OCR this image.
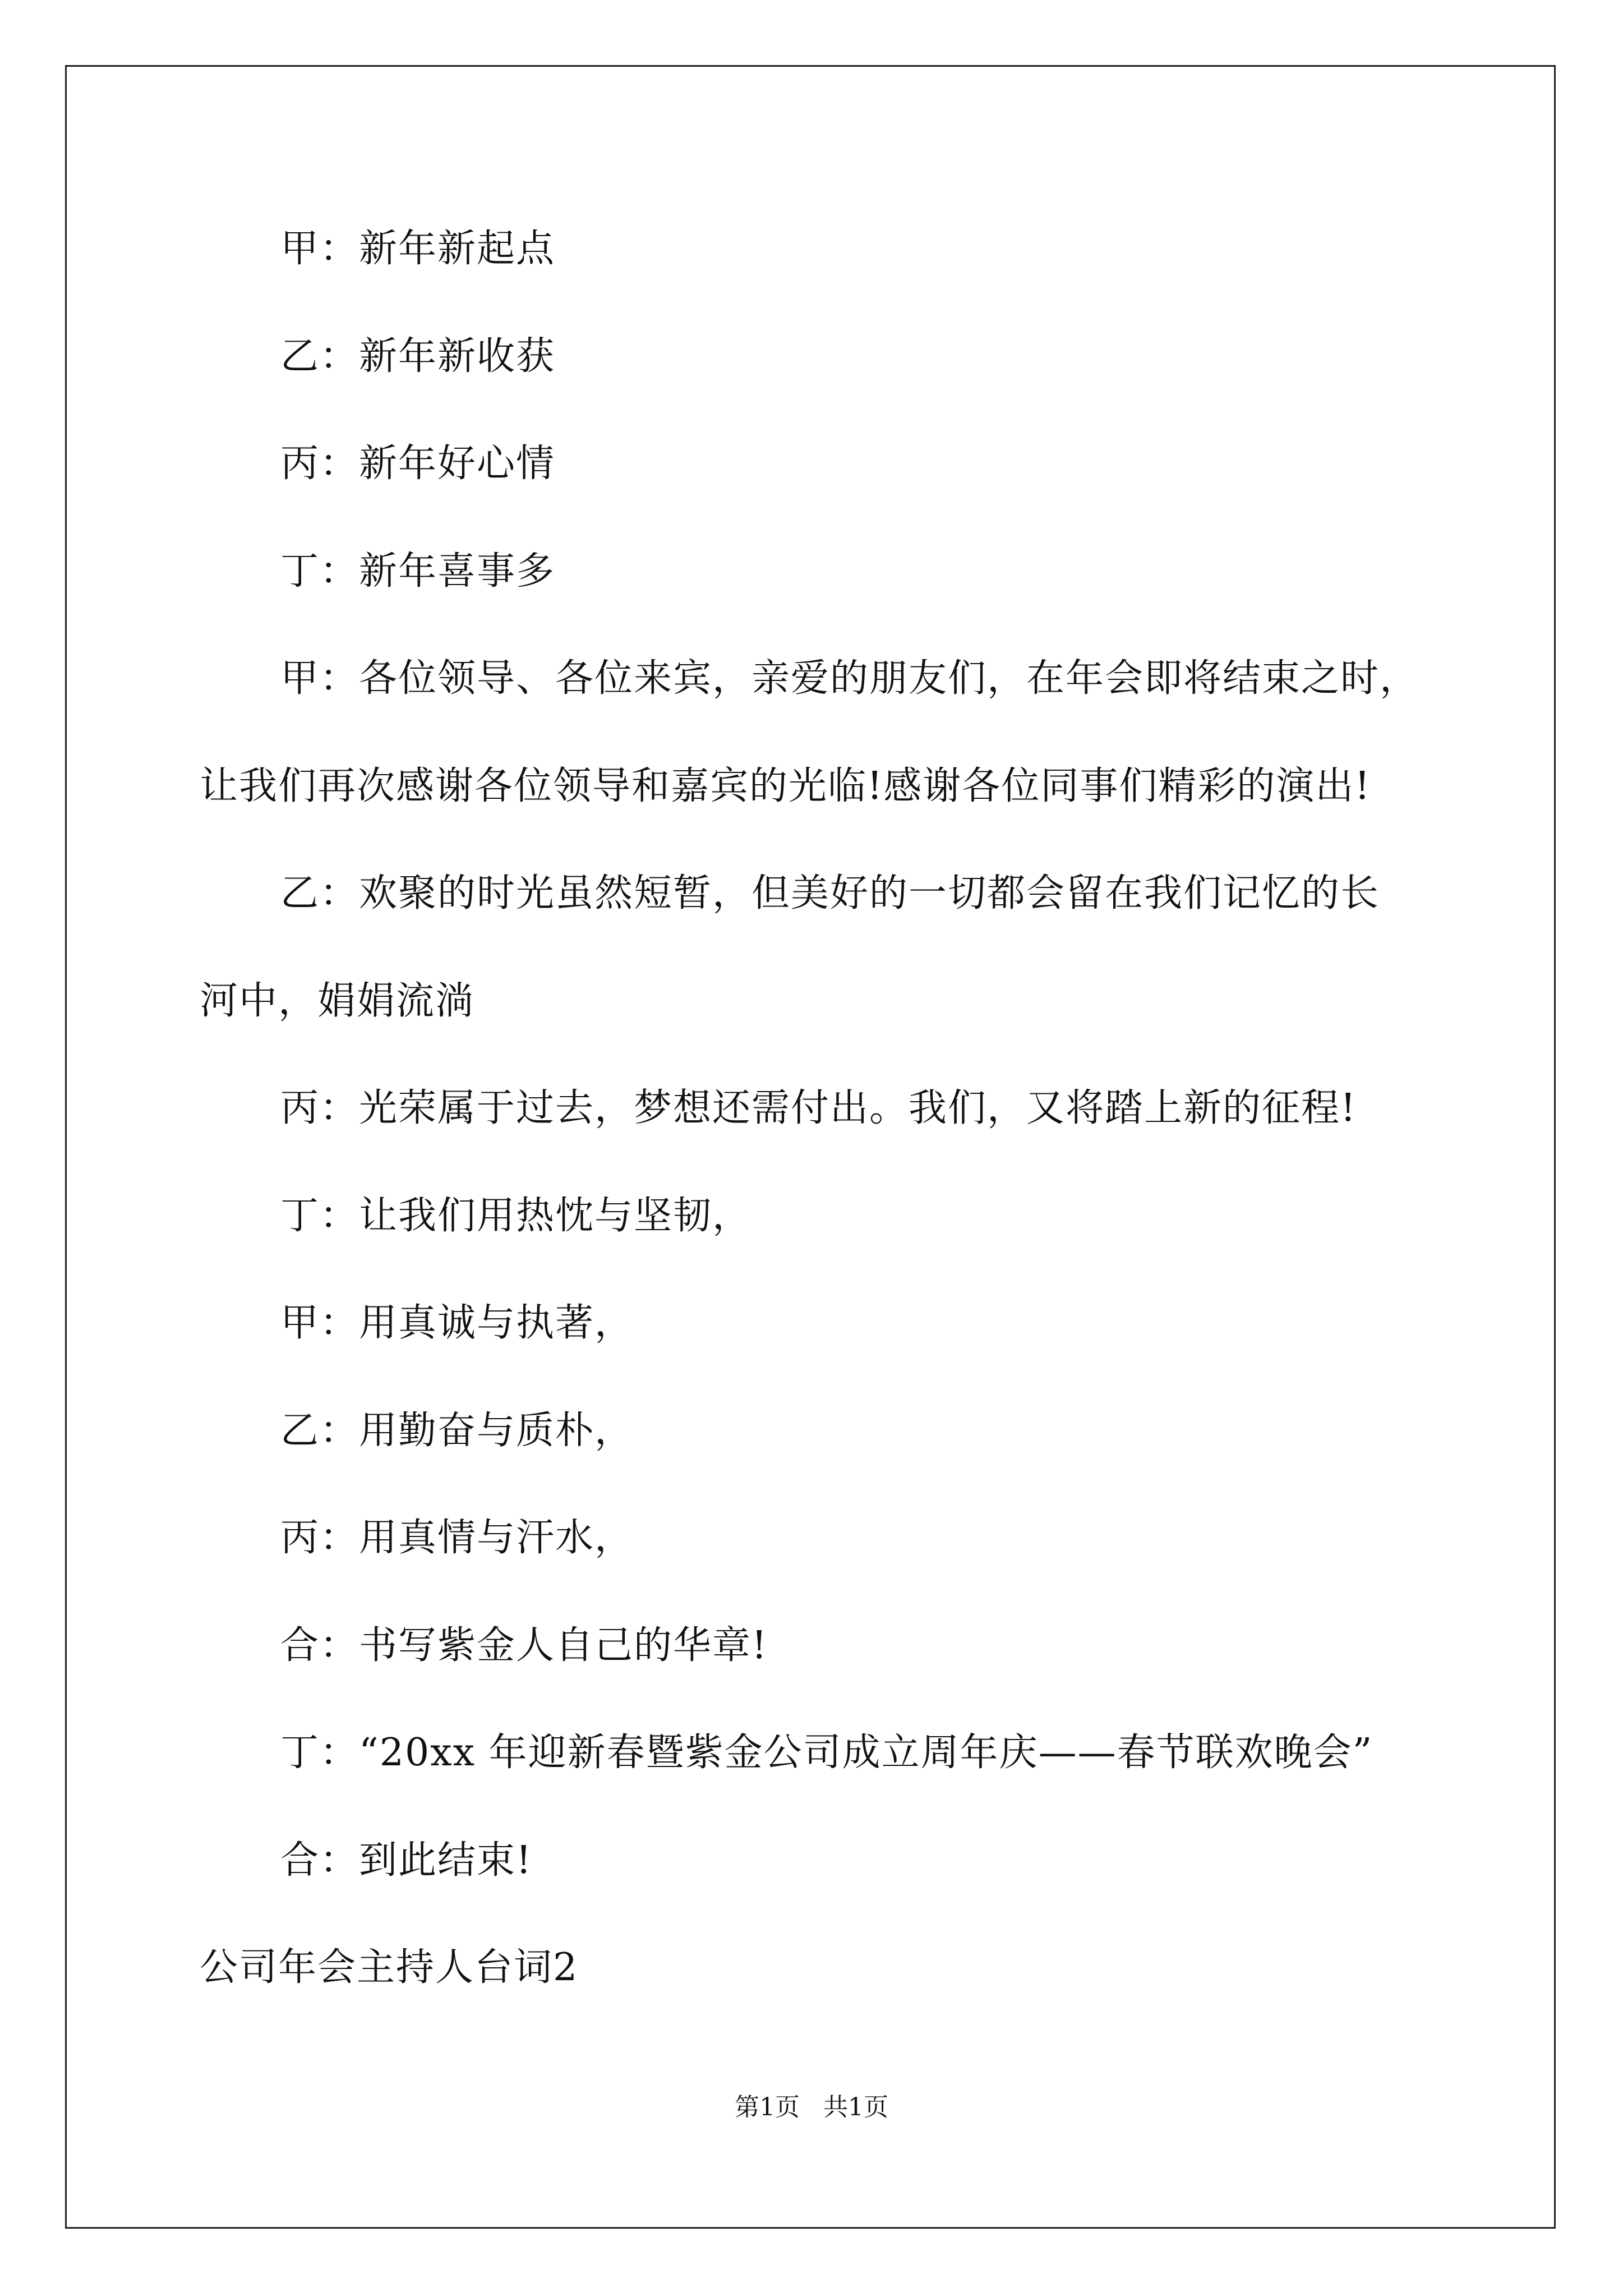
甲：新年新起点
乙：新年新收获
丙：新年好心情
丁：新年喜事多
甲：各位领导、各位来宾，亲爱的朋友们，在年会即将结束之时，
让我们再次感谢各位领导和嘉宾的光临!感谢各位同事们精彩的演出!
乙：欢聚的时光虽然短暂，但美好的一切都会留在我们记忆的长
河中，娟娟流淌
丙：光荣属于过去，梦想还需付出。我们，又将踏上新的征程!
丁：让我们用热忱与坚韧，
甲：用真诚与执著，
乙：用勤奋与质朴，
丙：用真情与汗水，
合：书写紫金人自己的华章!
丁：“20xx 年迎新春暨紫金公司成立周年庆——春节联欢晚会”
合：到此结束!
公司年会主持人台词2
第1页   共1页
